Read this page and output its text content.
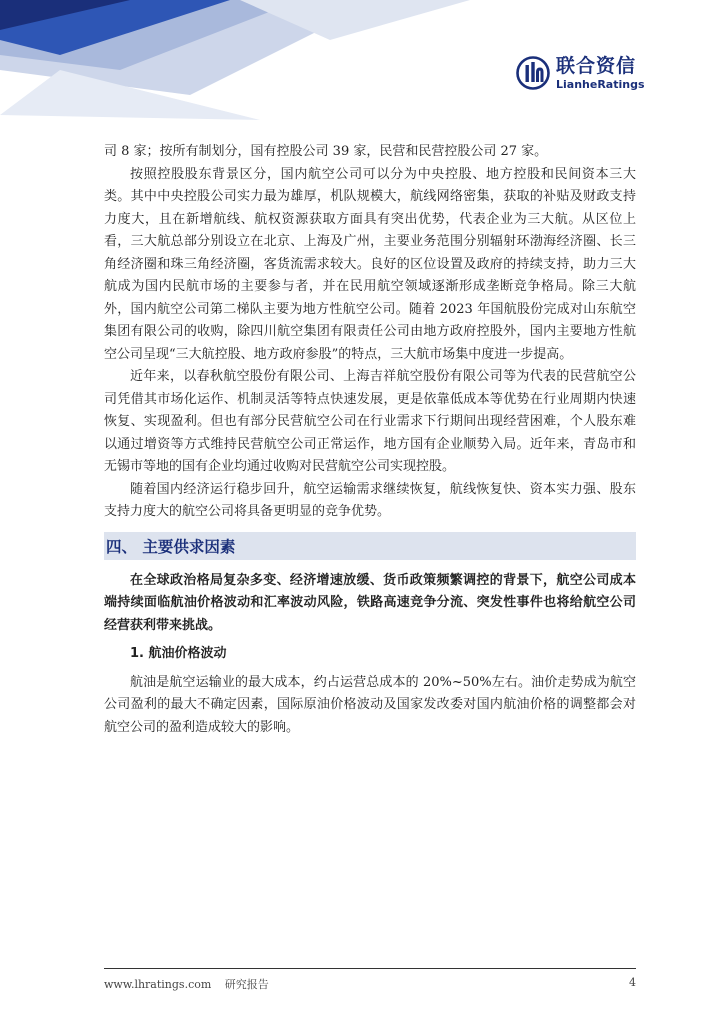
联合资信
LianheRatings

司 8 家；按所有制划分，国有控股公司 39 家，民营和民营控股公司 27 家。

按照控股股东背景区分，国内航空公司可以分为中央控股、地方控股和民间资本三大类。其中中央控股公司实力最为雄厚，机队规模大，航线网络密集，获取的补贴及财政支持力度大，且在新增航线、航权资源获取方面具有突出优势，代表企业为三大航。从区位上看，三大航总部分别设立在北京、上海及广州，主要业务范围分别辐射环渤海经济圈、长三角经济圈和珠三角经济圈，客货流需求较大。良好的区位设置及政府的持续支持，助力三大航成为国内民航市场的主要参与者，并在民用航空领域逐渐形成垄断竞争格局。除三大航外，国内航空公司第二梯队主要为地方性航空公司。随着 2023 年国航股份完成对山东航空集团有限公司的收购，除四川航空集团有限责任公司由地方政府控股外，国内主要地方性航空公司呈现“三大航控股、地方政府参股”的特点，三大航市场集中度进一步提高。

近年来，以春秋航空股份有限公司、上海吉祥航空股份有限公司等为代表的民营航空公司凭借其市场化运作、机制灵活等特点快速发展，更是依靠低成本等优势在行业周期内快速恢复、实现盈利。但也有部分民营航空公司在行业需求下行期间出现经营困难，个人股东难以通过增资等方式维持民营航空公司正常运作，地方国有企业顺势入局。近年来，青岛市和无锡市等地的国有企业均通过收购对民营航空公司实现控股。

随着国内经济运行稳步回升，航空运输需求继续恢复，航线恢复快、资本实力强、股东支持力度大的航空公司将具备更明显的竞争优势。

四、 主要供求因素

在全球政治格局复杂多变、经济增速放缓、货币政策频繁调控的背景下，航空公司成本端持续面临航油价格波动和汇率波动风险，铁路高速竞争分流、突发性事件也将给航空公司经营获利带来挑战。

1. 航油价格波动

航油是航空运输业的最大成本，约占运营总成本的 20%~50%左右。油价走势成为航空公司盈利的最大不确定因素，国际原油价格波动及国家发改委对国内航油价格的调整都会对航空公司的盈利造成较大的影响。

www.lhratings.com 研究报告	4
